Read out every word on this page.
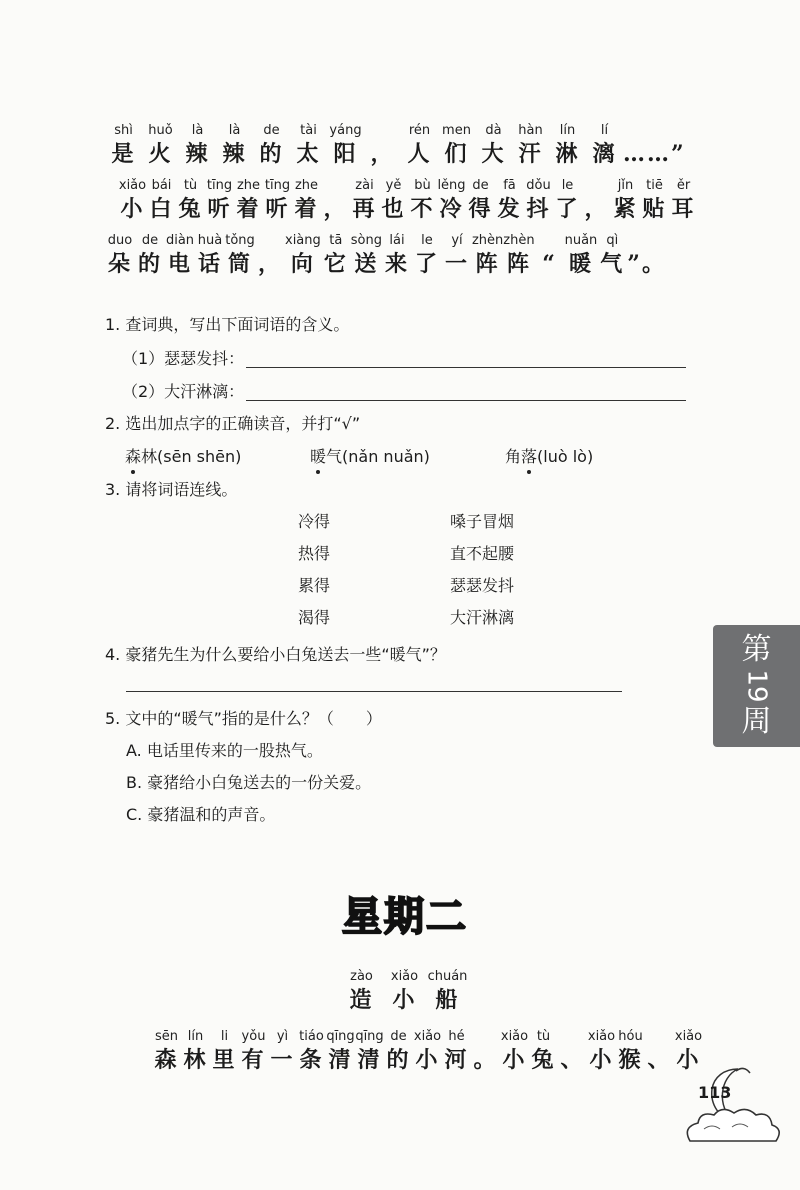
shì
是
huǒ
火
là
辣
là
辣
de
的
tài
太
yáng
阳 ，
rén
人
men
们
dà
大
hàn
汗
lín
淋
lí
漓 ……”
xiǎo
小
bái
白
tù
兔
tīng
听
zhe
着
tīng
听
zhe
着 ，
zài
再
yě
也
bù
不
lěng
冷
de
得
fā
发
dǒu
抖
le
了 ，
jǐn
紧
tiē
贴
ěr
耳
duo
朵
de
的
diàn
电
huà
话
tǒng
筒 ，
xiàng
向
tā
它
sòng
送
lái
来
le
了
yí
一
zhèn
阵
zhèn
阵 “
nuǎn
暖
qì
气 ”。
1. 查词典，写出下面词语的含义。
（1）瑟瑟发抖：
（2）大汗淋漓：
2. 选出加点字的正确读音，并打“√”
森林(sēn shēn)	暖气(nǎn nuǎn)	角落(luò lò)
3. 请将词语连线。
冷得
热得
累得
渴得
嗓子冒烟
直不起腰
瑟瑟发抖
大汗淋漓
4. 豪猪先生为什么要给小白兔送去一些“暖气”？
5. 文中的“暖气”指的是什么？（　　）
A. 电话里传来的一股热气。
B. 豪猪给小白兔送去的一份关爱。
C. 豪猪温和的声音。
第
19
周
星期二
zào
造
xiǎo
小
chuán
船
sēn
森
lín
林
li
里
yǒu
有
yì
一
tiáo
条
qīng
清
qīng
清
de
的
xiǎo
小
hé
河 。
xiǎo
小
tù
兔 、
xiǎo
小
hóu
猴 、
xiǎo
小
113
